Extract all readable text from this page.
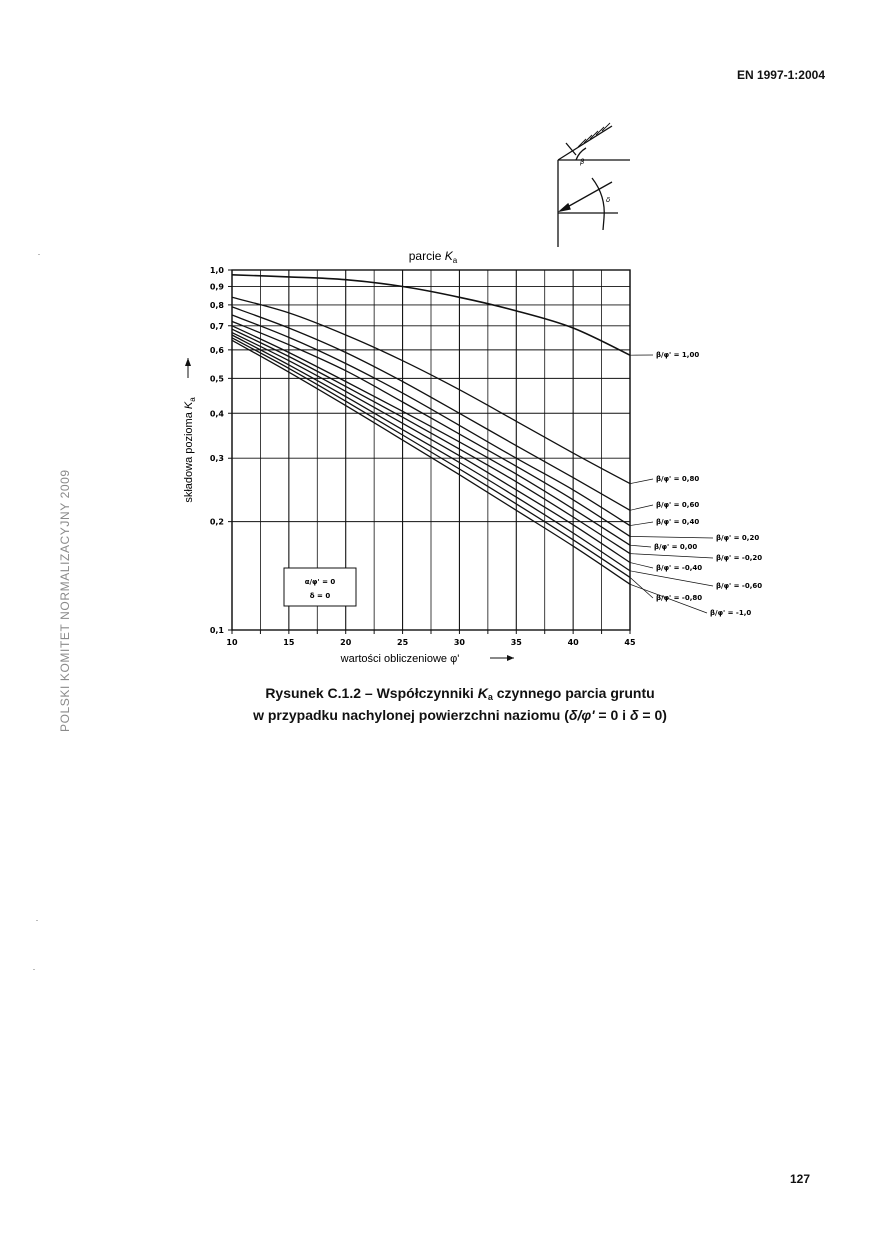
EN 1997-1:2004
POLSKI KOMITET NORMALIZACYJNY 2009
β
δ
parcie $K_a$
10	15	20	25	30	35	40	45
0,1
0,2
0,3
0,4
0,5
0,6
0,7
0,8
0,9
1,0
β/φ' = 1,00
β/φ' = 0,80
β/φ' = 0,60
β/φ' = 0,40
β/φ' = 0,20
β/φ' = 0,00
β/φ' = -0,20
β/φ' = -0,40
β/φ' = -0,60
β/φ' = -0,80
β/φ' = -1,0
α/φ' = 0
δ = 0
wartości obliczeniowe φ'
składowa pozioma $K_a$
Rysunek C.1.2 – Współczynniki $K_a$ czynnego parcia gruntu
w przypadku nachylonej powierzchni naziomu (δ/φ' = 0 i δ = 0)
127
